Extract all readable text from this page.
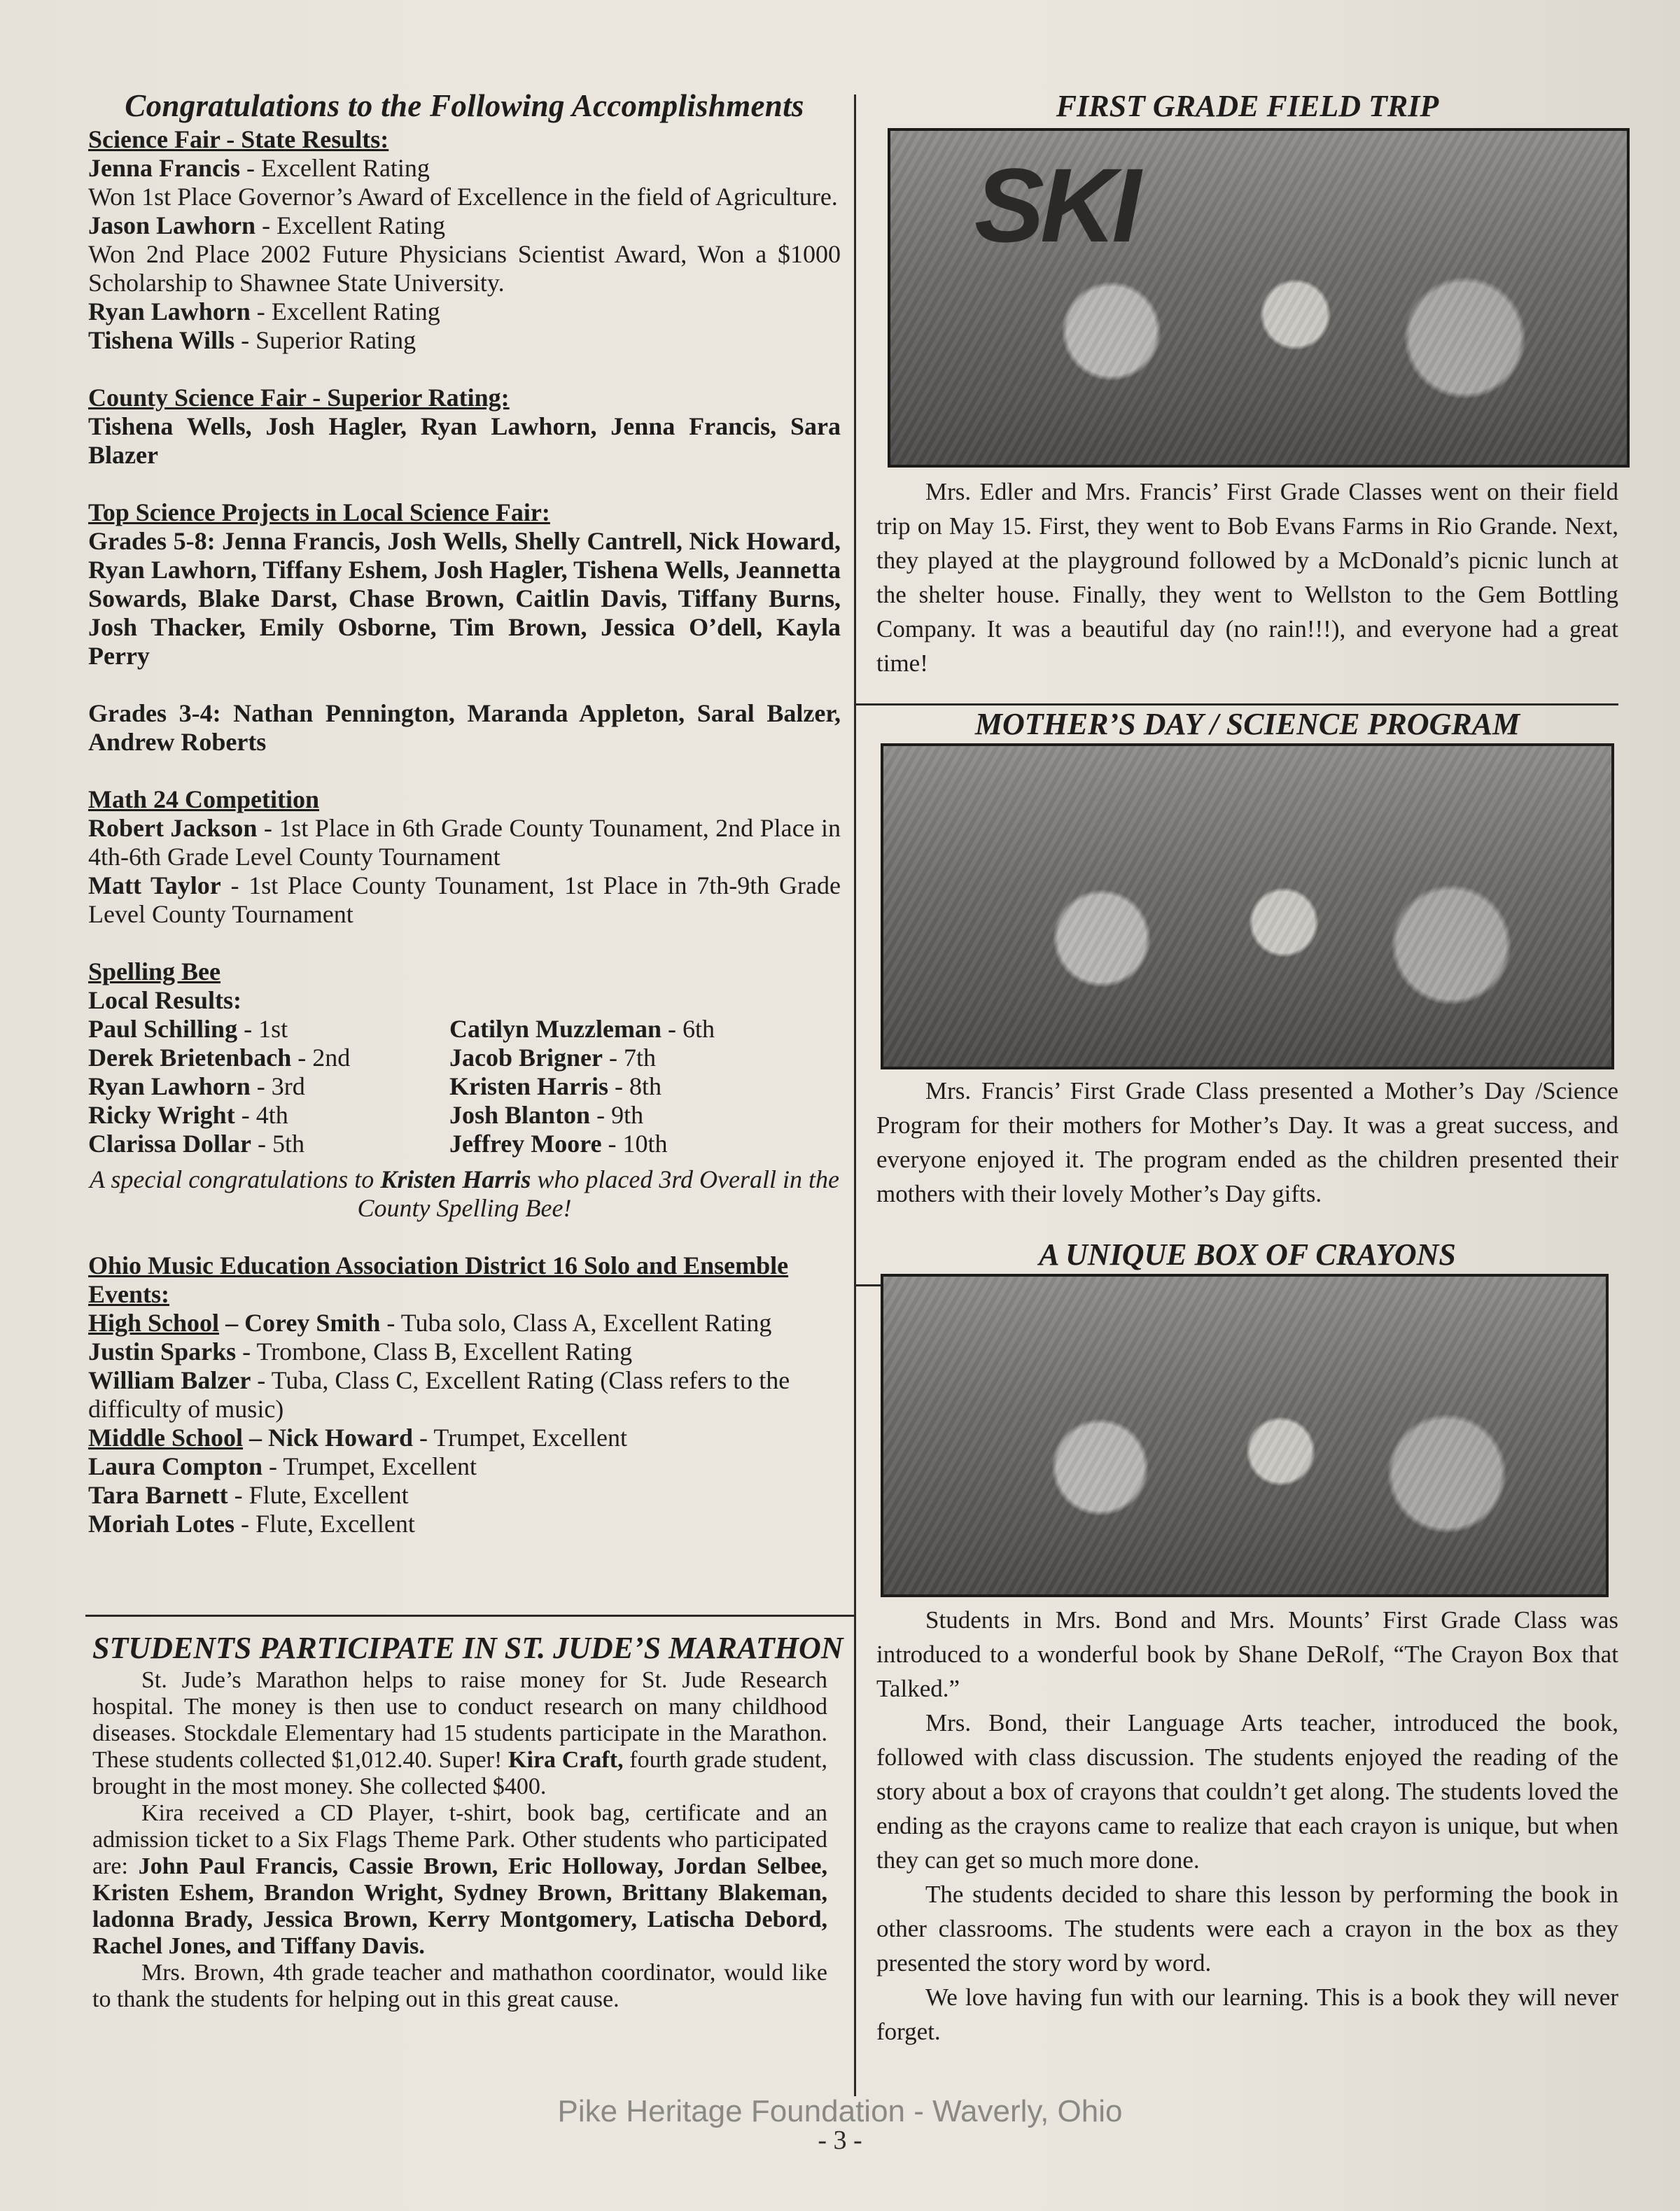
Congratulations to the Following Accomplishments

Science Fair - State Results:

Jenna Francis - Excellent Rating

Won 1st Place Governor’s Award of Excellence in the field of Agriculture.

Jason Lawhorn - Excellent Rating

Won 2nd Place 2002 Future Physicians Scientist Award, Won a $1000 Scholarship to Shawnee State University.

Ryan Lawhorn - Excellent Rating

Tishena Wills - Superior Rating

County Science Fair - Superior Rating:

Tishena Wells, Josh Hagler, Ryan Lawhorn, Jenna Francis, Sara Blazer

Top Science Projects in Local Science Fair:

Grades 5-8: Jenna Francis, Josh Wells, Shelly Cantrell, Nick Howard, Ryan Lawhorn, Tiffany Eshem, Josh Hagler, Tishena Wells, Jeannetta Sowards, Blake Darst, Chase Brown, Caitlin Davis, Tiffany Burns, Josh Thacker, Emily Osborne, Tim Brown, Jessica O’dell, Kayla Perry

Grades 3-4: Nathan Pennington, Maranda Appleton, Saral Balzer, Andrew Roberts

Math 24 Competition

Robert Jackson - 1st Place in 6th Grade County Tounament, 2nd Place in 4th-6th Grade Level County Tournament

Matt Taylor - 1st Place County Tounament, 1st Place in 7th-9th Grade Level County Tournament

Spelling Bee

Local Results:

Paul Schilling - 1st

Derek Brietenbach - 2nd

Ryan Lawhorn - 3rd

Ricky Wright - 4th

Clarissa Dollar - 5th

Catilyn Muzzleman - 6th

Jacob Brigner - 7th

Kristen Harris - 8th

Josh Blanton - 9th

Jeffrey Moore - 10th

A special congratulations to Kristen Harris who placed 3rd Overall in the County Spelling Bee!

Ohio Music Education Association District 16 Solo and Ensemble Events:

High School – Corey Smith - Tuba solo, Class A, Excellent Rating

Justin Sparks - Trombone, Class B, Excellent Rating

William Balzer - Tuba, Class C, Excellent Rating (Class refers to the difficulty of music)

Middle School – Nick Howard - Trumpet, Excellent

Laura Compton - Trumpet, Excellent

Tara Barnett - Flute, Excellent

Moriah Lotes - Flute, Excellent

STUDENTS PARTICIPATE IN ST. JUDE’S MARATHON

St. Jude’s Marathon helps to raise money for St. Jude Research hospital. The money is then use to conduct research on many childhood diseases. Stockdale Elementary had 15 students participate in the Marathon. These students collected $1,012.40. Super! Kira Craft, fourth grade student, brought in the most money. She collected $400.

Kira received a CD Player, t-shirt, book bag, certificate and an admission ticket to a Six Flags Theme Park. Other students who participated are: John Paul Francis, Cassie Brown, Eric Holloway, Jordan Selbee, Kristen Eshem, Brandon Wright, Sydney Brown, Brittany Blakeman, ladonna Brady, Jessica Brown, Kerry Montgomery, Latischa Debord, Rachel Jones, and Tiffany Davis.

Mrs. Brown, 4th grade teacher and mathathon coordinator, would like to thank the students for helping out in this great cause.

FIRST GRADE FIELD TRIP

SKI

Mrs. Edler and Mrs. Francis’ First Grade Classes went on their field trip on May 15. First, they went to Bob Evans Farms in Rio Grande. Next, they played at the playground followed by a McDonald’s picnic lunch at the shelter house. Finally, they went to Wellston to the Gem Bottling Company. It was a beautiful day (no rain!!!), and everyone had a great time!

MOTHER’S DAY / SCIENCE PROGRAM

Mrs. Francis’ First Grade Class presented a Mother’s Day /Science Program for their mothers for Mother’s Day. It was a great success, and everyone enjoyed it. The program ended as the children presented their mothers with their lovely Mother’s Day gifts.

A UNIQUE BOX OF CRAYONS

Students in Mrs. Bond and Mrs. Mounts’ First Grade Class was introduced to a wonderful book by Shane DeRolf, “The Crayon Box that Talked.”

Mrs. Bond, their Language Arts teacher, introduced the book, followed with class discussion. The students enjoyed the reading of the story about a box of crayons that couldn’t get along. The students loved the ending as the crayons came to realize that each crayon is unique, but when they can get so much more done.

The students decided to share this lesson by performing the book in other classrooms. The students were each a crayon in the box as they presented the story word by word.

We love having fun with our learning. This is a book they will never forget.

Pike Heritage Foundation - Waverly, Ohio
- 3 -
